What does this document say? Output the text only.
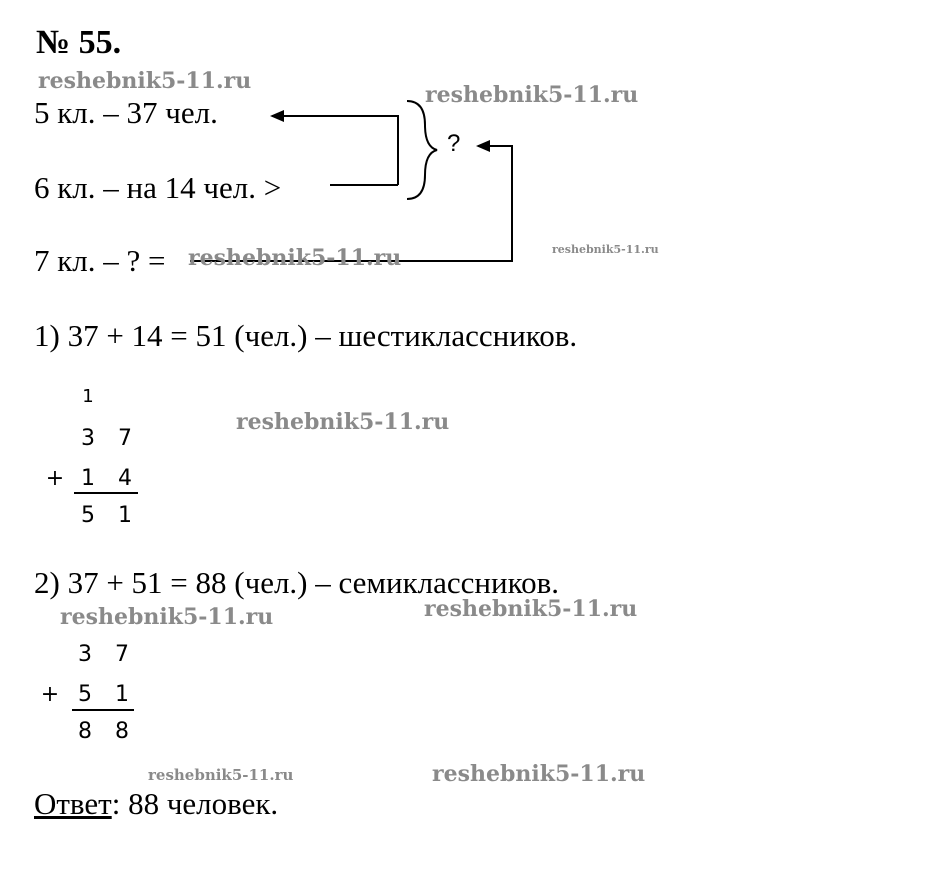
№ 55.
5 кл. – 37 чел.
6 кл. – на 14 чел. >
7 кл. – ? =
?
1) 37 + 14 = 51 (чел.) – шестиклассников.
1
3 7
+ 1 4
5 1
2) 37 + 51 = 88 (чел.) – семиклассников.
3 7
+ 5 1
8 8
Ответ: 88 человек.
reshebnik5-11.ru
reshebnik5-11.ru
reshebnik5-11.ru	reshebnik5-11.ru
reshebnik5-11.ru
reshebnik5-11.ru	reshebnik5-11.ru
reshebnik5-11.ru	reshebnik5-11.ru
